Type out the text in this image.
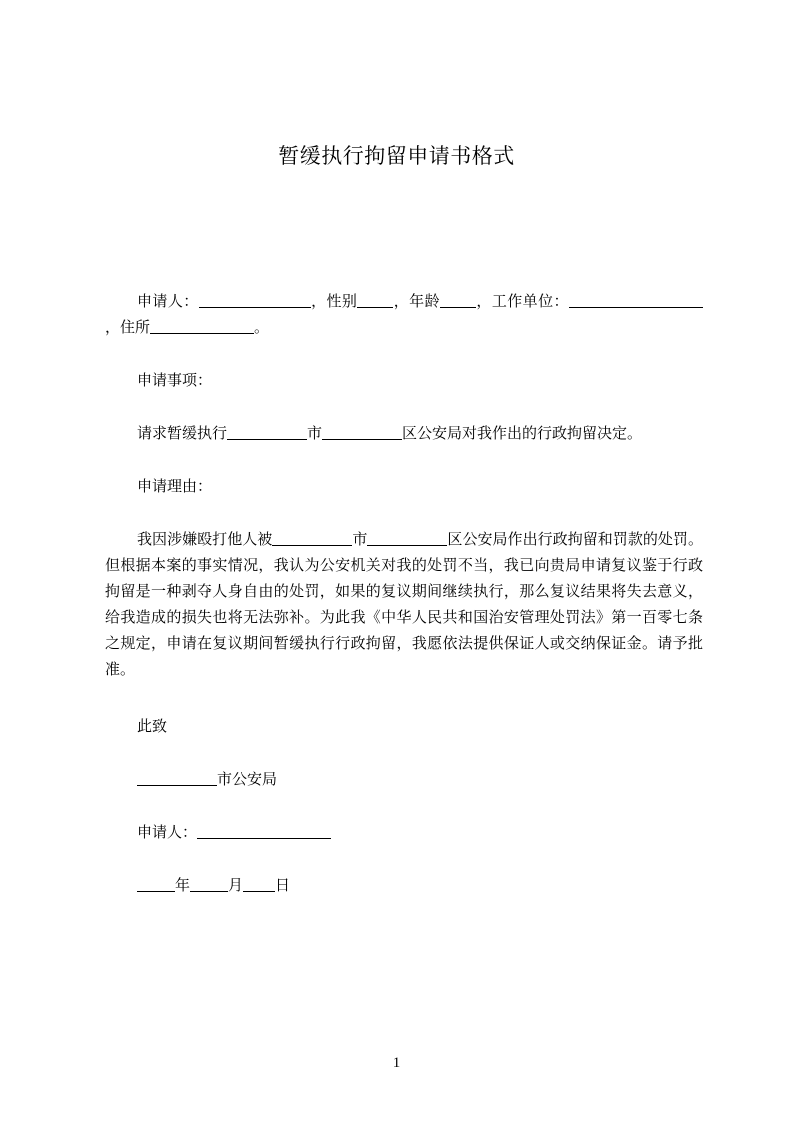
暂缓执行拘留申请书格式

申请人：	，性别 ，年龄 ，工作单位：，住所	。

申请事项：

请求暂缓执行	市	区公安局对我作出的行政拘留决定。

申请理由：

我因涉嫌殴打他人被	市	区公安局作出行政拘留和罚款的处罚。但根据本案的事实情况，我认为公安机关对我的处罚不当，我已向贵局申请复议鉴于行政拘留是一种剥夺人身自由的处罚，如果的复议期间继续执行，那么复议结果将失去意义，给我造成的损失也将无法弥补。为此我《中华人民共和国治安管理处罚法》第一百零七条之规定，申请在复议期间暂缓执行行政拘留，我愿依法提供保证人或交纳保证金。请予批准。

此致

市公安局

申请人：

年	月 日

1
